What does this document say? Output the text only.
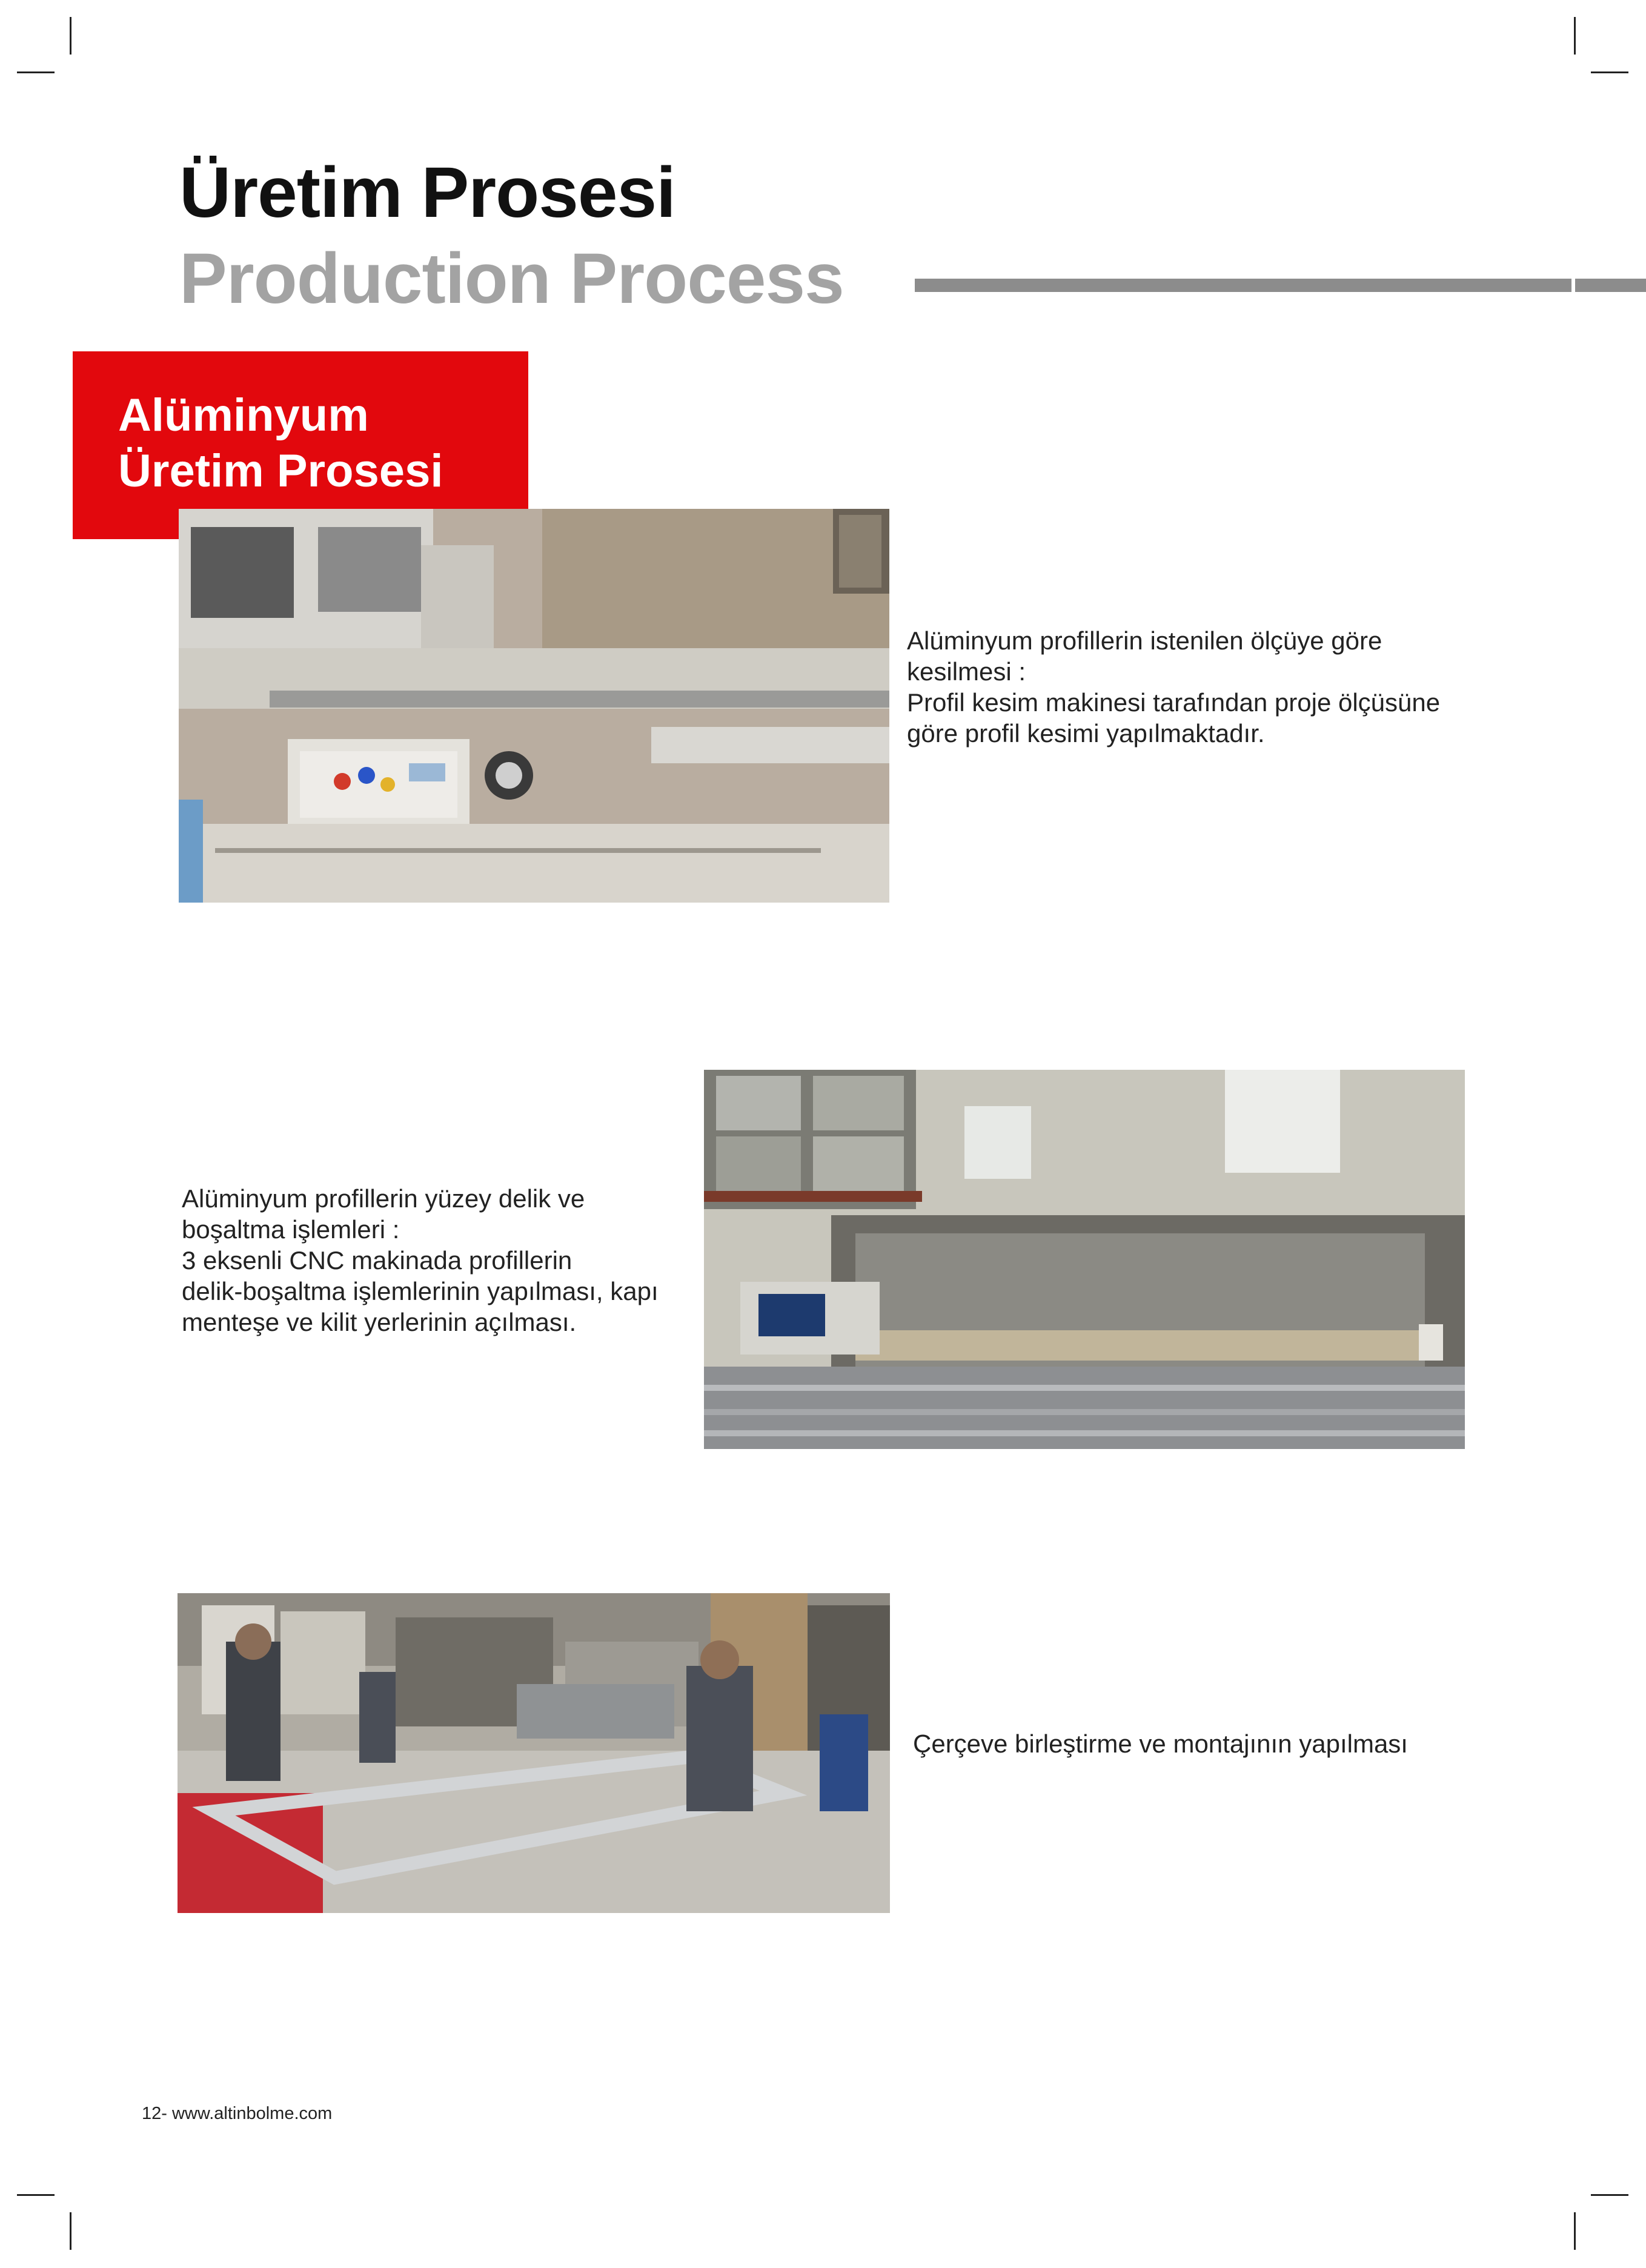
Üretim Prosesi
Production Process
Alüminyum
Üretim Prosesi
Alüminyum profillerin istenilen ölçüye göre
kesilmesi :
Profil kesim makinesi tarafından proje ölçüsüne
göre profil kesimi yapılmaktadır.
Alüminyum profillerin yüzey delik ve
boşaltma işlemleri :
3 eksenli CNC makinada profillerin
delik-boşaltma işlemlerinin yapılması, kapı
menteşe ve kilit yerlerinin açılması.
Çerçeve birleştirme ve montajının yapılması
12- www.altinbolme.com
